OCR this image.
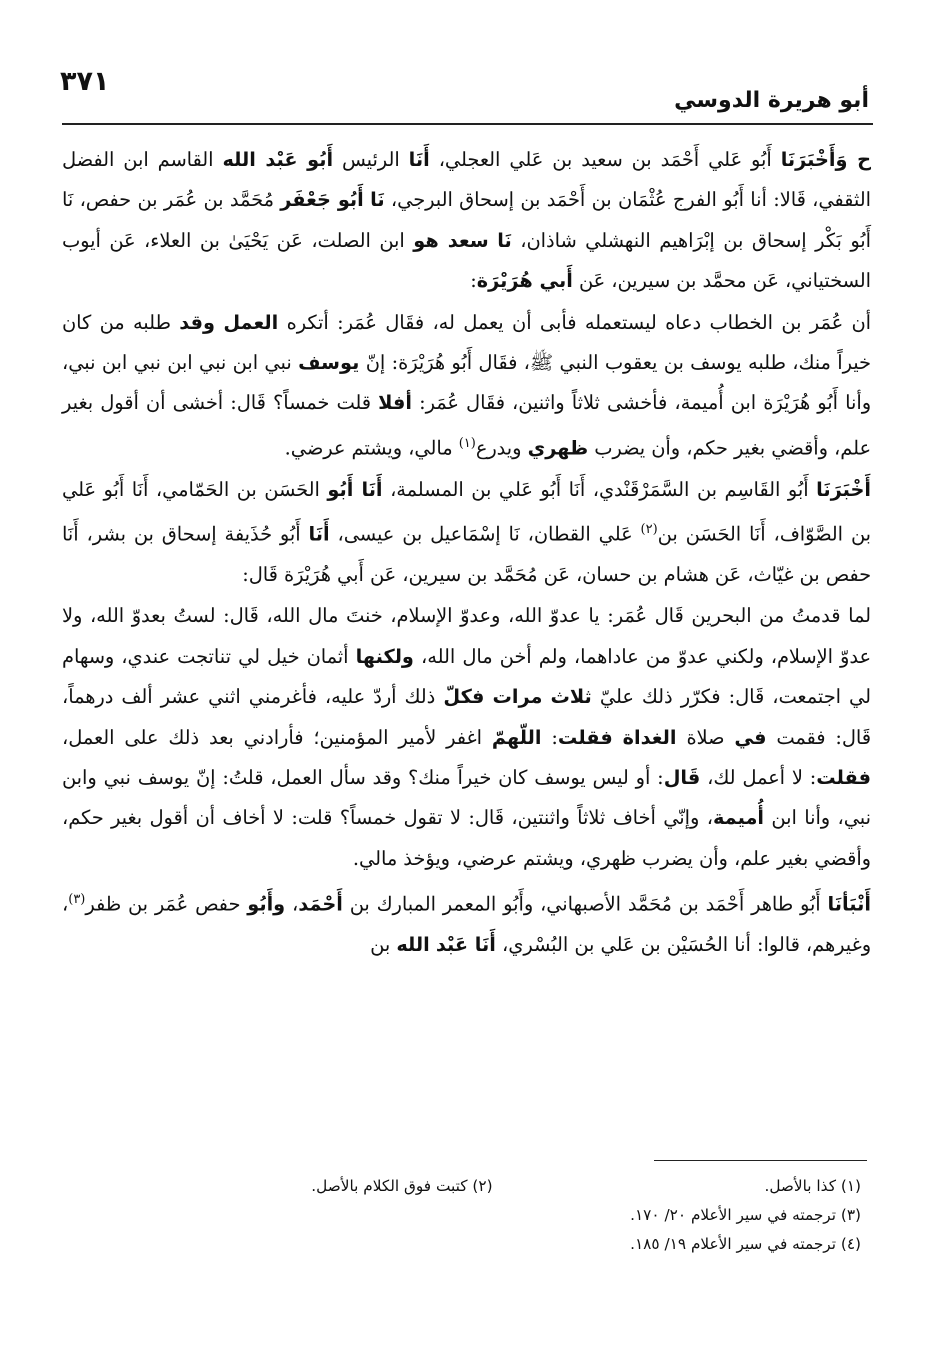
٣٧١
أبو هريرة الدوسي

ح وَأَخْبَرَنَا أَبُو عَلي أَحْمَد بن سعيد بن عَلي العجلي، أَنَا الرئيس أَبُو عَبْد الله القاسم ابن الفضل الثقفي، قَالا: أنا أَبُو الفرج عُثْمَان بن أَحْمَد بن إسحاق البرجي، نَا أَبُو جَعْفَر مُحَمَّد بن عُمَر بن حفص، نَا أَبُو بَكْر إسحاق بن إبْرَاهيم النهشلي شاذان، نَا سعد هو ابن الصلت، عَن يَحْيَىٰ بن العلاء، عَن أيوب السختياني، عَن محمَّد بن سيرين، عَن أَبي هُرَيْرَة:

أن عُمَر بن الخطاب دعاه ليستعمله فأبى أن يعمل له، فقَال عُمَر: أتكره العمل وقد طلبه من كان خيراً منك، طلبه يوسف بن يعقوب النبي ﷺ، فقَال أَبُو هُرَيْرَة: إنّ يوسف نبي ابن نبي ابن نبي ابن نبي، وأنا أَبُو هُرَيْرَة ابن أُميمة، فأخشى ثلاثاً واثنين، فقَال عُمَر: أفلا قلت خمساً؟ قَال: أخشى أن أقول بغير علم، وأقضي بغير حكم، وأن يضرب ظهري ويدرع$^{(١)}$ مالي، ويشتم عرضي.

أَخْبَرَنَا أَبُو القَاسِم بن السَّمَرْقَنْدي، أَنَا أَبُو عَلي بن المسلمة، أَنَا أَبُو الحَسَن بن الحَمّامي، أَنَا أَبُو عَلي بن الصَّوّاف، أَنَا الحَسَن بن$^{(٢)}$ عَلي القطان، نَا إسْمَاعيل بن عيسى، أَنَا أَبُو حُذَيفة إسحاق بن بشر، أَنَا حفص بن غيّاث، عَن هشام بن حسان، عَن مُحَمَّد بن سيرين، عَن أَبي هُرَيْرَة قَال:

لما قدمتُ من البحرين قَال عُمَر: يا عدوّ الله، وعدوّ الإسلام، خنتَ مال الله، قَال: لستُ بعدوّ الله، ولا عدوّ الإسلام، ولكني عدوّ من عاداهما، ولم أخن مال الله، ولكنها أثمان خيل لي تناتجت عندي، وسهام لي اجتمعت، قَال: فكرّر ذلك عليّ ثلاث مرات فكلّ ذلك أردّ عليه، فأغرمني اثني عشر ألف درهماً، قَال: فقمت في صلاة الغداة فقلت: اللّهمّ اغفر لأمير المؤمنين؛ فأرادني بعد ذلك على العمل، فقلت: لا أعمل لك، قَال: أو ليس يوسف كان خيراً منك؟ وقد سأل العمل، قلتُ: إنّ يوسف نبي وابن نبي، وأنا ابن أُميمة، وإنّي أخاف ثلاثاً واثنتين، قَال: لا تقول خمساً؟ قلت: لا أخاف أن أقول بغير حكم، وأقضي بغير علم، وأن يضرب ظهري، ويشتم عرضي، ويؤخذ مالي.

أَنْبَأنَا أَبُو طاهر أَحْمَد بن مُحَمَّد الأصبهاني، وأَبُو المعمر المبارك بن أَحْمَد، وأَبُو حفص عُمَر بن ظفر$^{(٣)}$، وغيرهم، قالوا: أنا الحُسَيْن بن عَلي بن البُسْري، أَنَا عَبْد الله بن

(١) كذا بالأصل.
(٢) كتبت فوق الكلام بالأصل.
(٣) ترجمته في سير الأعلام ٢٠/ ١٧٠.
(٤) ترجمته في سير الأعلام ١٩/ ١٨٥.
